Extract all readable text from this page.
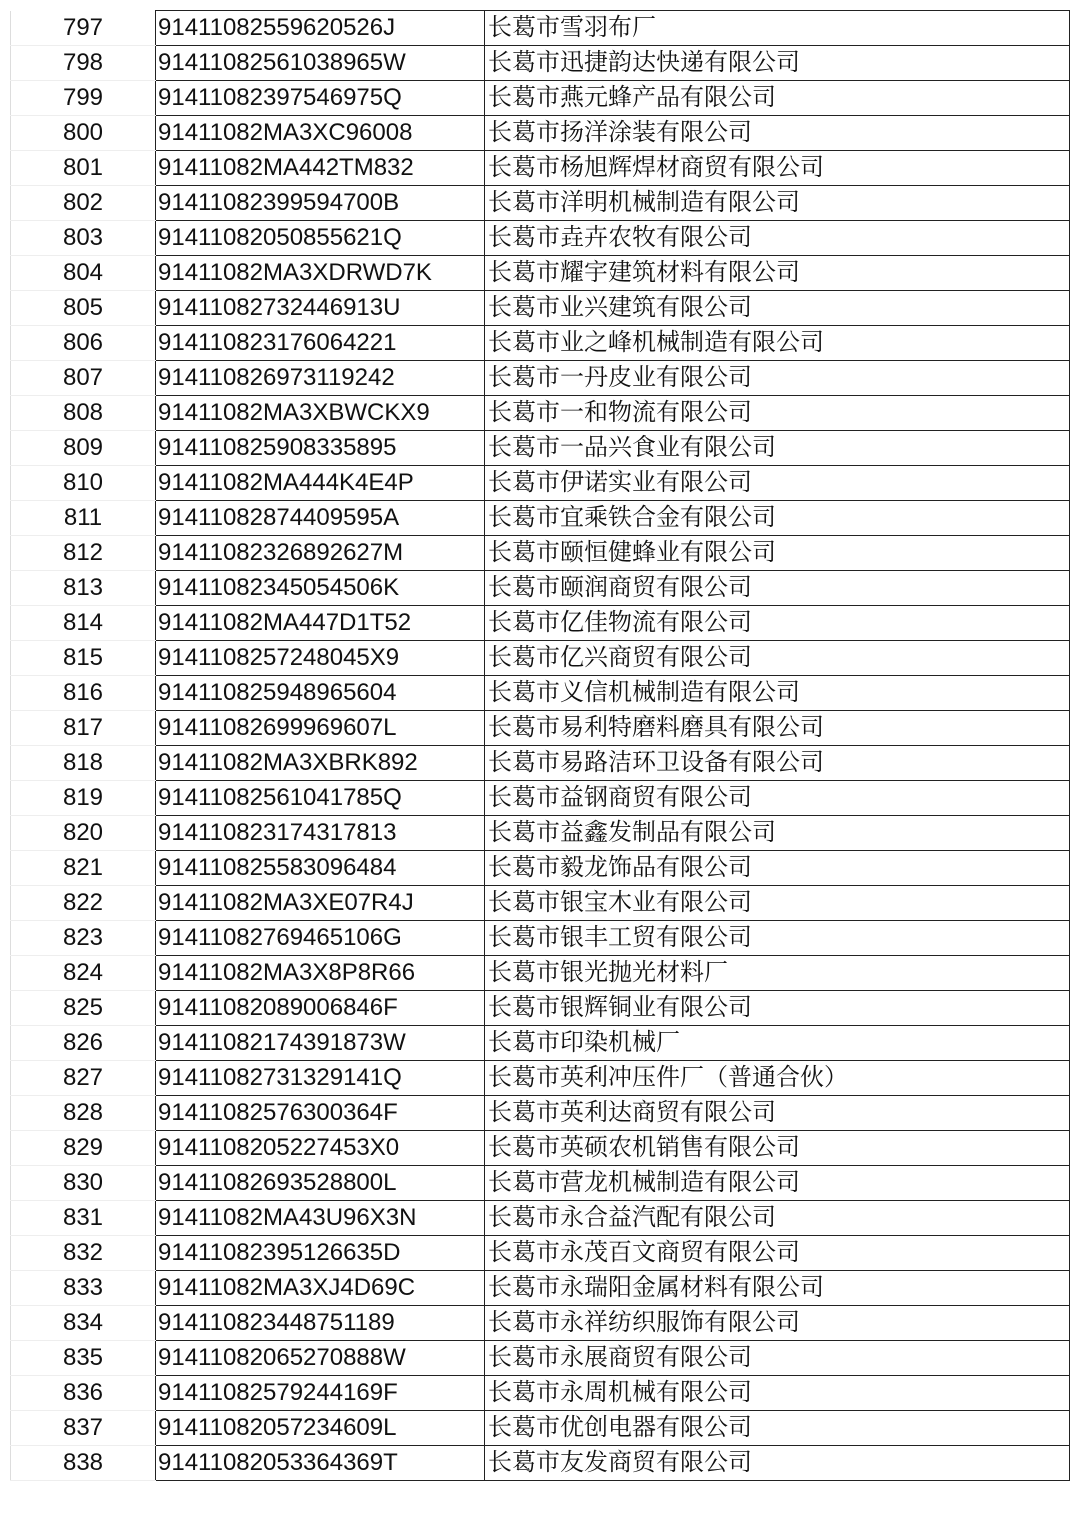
797	91411082559620526J	长葛市雪羽布厂
798	91411082561038965W	长葛市迅捷韵达快递有限公司
799	91411082397546975Q	长葛市燕元蜂产品有限公司
800	91411082MA3XC96008	长葛市扬洋涂装有限公司
801	91411082MA442TM832	长葛市杨旭辉焊材商贸有限公司
802	91411082399594700B	长葛市洋明机械制造有限公司
803	91411082050855621Q	长葛市垚卉农牧有限公司
804	91411082MA3XDRWD7K	长葛市耀宇建筑材料有限公司
805	91411082732446913U	长葛市业兴建筑有限公司
806	914110823176064221	长葛市业之峰机械制造有限公司
807	914110826973119242	长葛市一丹皮业有限公司
808	91411082MA3XBWCKX9	长葛市一和物流有限公司
809	914110825908335895	长葛市一品兴食业有限公司
810	91411082MA444K4E4P	长葛市伊诺实业有限公司
811	91411082874409595A	长葛市宜乘铁合金有限公司
812	91411082326892627M	长葛市颐恒健蜂业有限公司
813	91411082345054506K	长葛市颐润商贸有限公司
814	91411082MA447D1T52	长葛市亿佳物流有限公司
815	9141108257248045X9	长葛市亿兴商贸有限公司
816	914110825948965604	长葛市义信机械制造有限公司
817	91411082699969607L	长葛市易利特磨料磨具有限公司
818	91411082MA3XBRK892	长葛市易路洁环卫设备有限公司
819	91411082561041785Q	长葛市益钢商贸有限公司
820	914110823174317813	长葛市益鑫发制品有限公司
821	914110825583096484	长葛市毅龙饰品有限公司
822	91411082MA3XE07R4J	长葛市银宝木业有限公司
823	91411082769465106G	长葛市银丰工贸有限公司
824	91411082MA3X8P8R66	长葛市银光抛光材料厂
825	91411082089006846F	长葛市银辉铜业有限公司
826	91411082174391873W	长葛市印染机械厂
827	91411082731329141Q	长葛市英利冲压件厂（普通合伙）
828	91411082576300364F	长葛市英利达商贸有限公司
829	9141108205227453X0	长葛市英硕农机销售有限公司
830	91411082693528800L	长葛市营龙机械制造有限公司
831	91411082MA43U96X3N	长葛市永合益汽配有限公司
832	91411082395126635D	长葛市永茂百文商贸有限公司
833	91411082MA3XJ4D69C	长葛市永瑞阳金属材料有限公司
834	914110823448751189	长葛市永祥纺织服饰有限公司
835	91411082065270888W	长葛市永展商贸有限公司
836	91411082579244169F	长葛市永周机械有限公司
837	91411082057234609L	长葛市优创电器有限公司
838	91411082053364369T	长葛市友发商贸有限公司
